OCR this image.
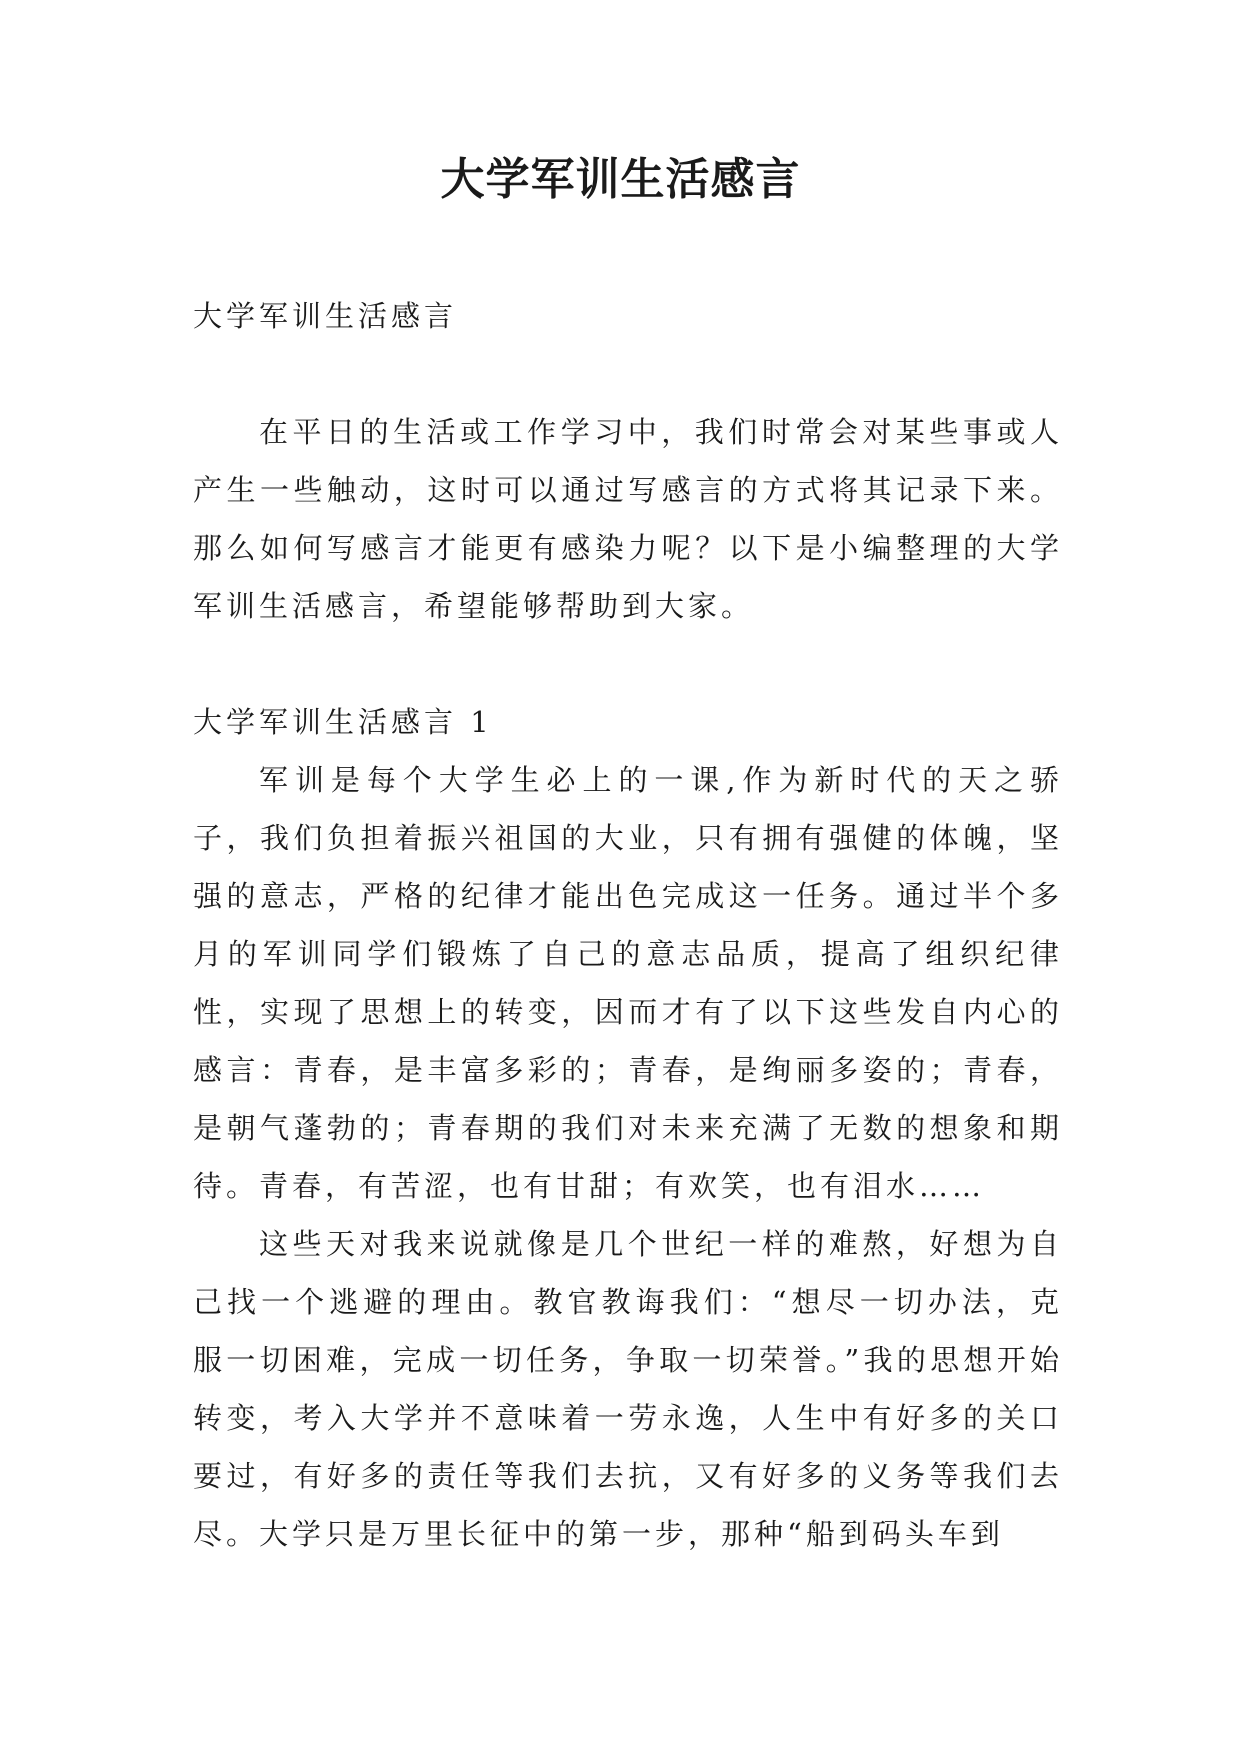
大学军训生活感言

大学军训生活感言

在平日的生活或工作学习中，我们时常会对某些事或人产生一些触动，这时可以通过写感言的方式将其记录下来。那么如何写感言才能更有感染力呢？以下是小编整理的大学军训生活感言，希望能够帮助到大家。

大学军训生活感言 1

军训是每个大学生必上的一课,作为新时代的天之骄子，我们负担着振兴祖国的大业，只有拥有强健的体魄，坚强的意志，严格的纪律才能出色完成这一任务。通过半个多月的军训同学们锻炼了自己的意志品质，提高了组织纪律性，实现了思想上的转变，因而才有了以下这些发自内心的感言：青春，是丰富多彩的；青春，是绚丽多姿的；青春，是朝气蓬勃的；青春期的我们对未来充满了无数的想象和期待。青春，有苦涩，也有甘甜；有欢笑，也有泪水……

这些天对我来说就像是几个世纪一样的难熬，好想为自己找一个逃避的理由。教官教诲我们：“想尽一切办法，克服一切困难，完成一切任务，争取一切荣誉。”我的思想开始转变，考入大学并不意味着一劳永逸，人生中有好多的关口要过，有好多的责任等我们去抗，又有好多的义务等我们去尽。大学只是万里长征中的第一步，那种“船到码头车到
